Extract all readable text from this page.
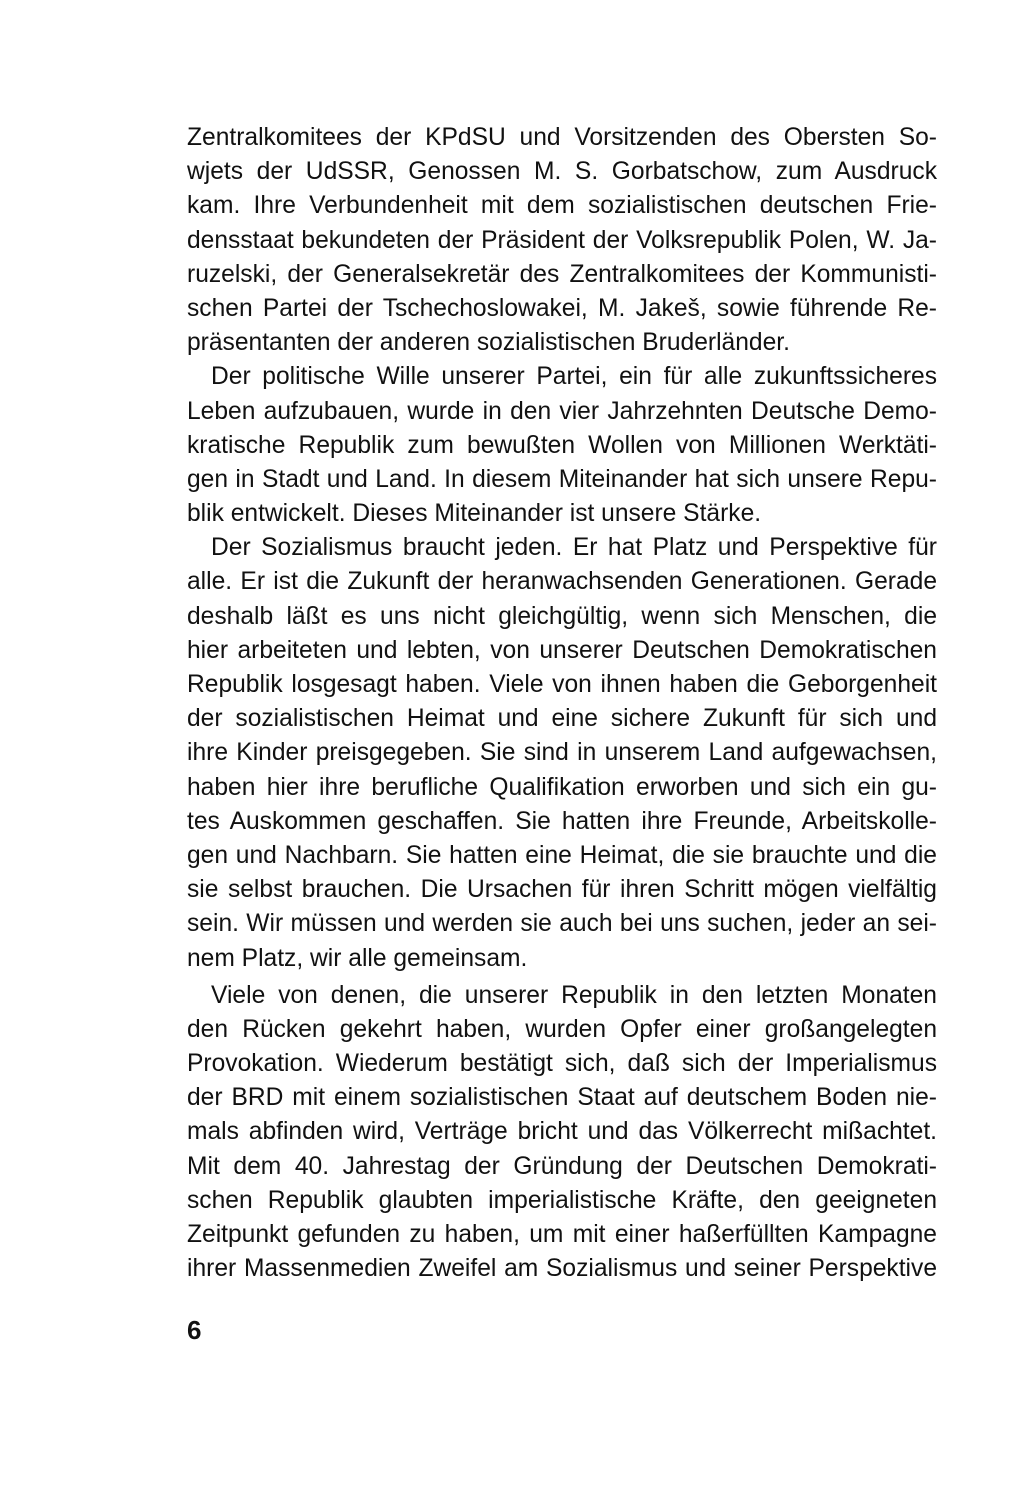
Zentralkomitees der KPdSU und Vorsitzenden des Obersten So-
wjets der UdSSR, Genossen M. S. Gorbatschow, zum Ausdruck
kam. Ihre Verbundenheit mit dem sozialistischen deutschen Frie-
densstaat bekundeten der Präsident der Volksrepublik Polen, W. Ja-
ruzelski, der Generalsekretär des Zentralkomitees der Kommunisti-
schen Partei der Tschechoslowakei, M. Jakeš, sowie führende Re-
präsentanten der anderen sozialistischen Bruderländer.
Der politische Wille unserer Partei, ein für alle zukunftssicheres
Leben aufzubauen, wurde in den vier Jahrzehnten Deutsche Demo-
kratische Republik zum bewußten Wollen von Millionen Werktäti-
gen in Stadt und Land. In diesem Miteinander hat sich unsere Repu-
blik entwickelt. Dieses Miteinander ist unsere Stärke.
Der Sozialismus braucht jeden. Er hat Platz und Perspektive für
alle. Er ist die Zukunft der heranwachsenden Generationen. Gerade
deshalb läßt es uns nicht gleichgültig, wenn sich Menschen, die
hier arbeiteten und lebten, von unserer Deutschen Demokratischen
Republik losgesagt haben. Viele von ihnen haben die Geborgenheit
der sozialistischen Heimat und eine sichere Zukunft für sich und
ihre Kinder preisgegeben. Sie sind in unserem Land aufgewachsen,
haben hier ihre berufliche Qualifikation erworben und sich ein gu-
tes Auskommen geschaffen. Sie hatten ihre Freunde, Arbeitskolle-
gen und Nachbarn. Sie hatten eine Heimat, die sie brauchte und die
sie selbst brauchen. Die Ursachen für ihren Schritt mögen vielfältig
sein. Wir müssen und werden sie auch bei uns suchen, jeder an sei-
nem Platz, wir alle gemeinsam.
Viele von denen, die unserer Republik in den letzten Monaten
den Rücken gekehrt haben, wurden Opfer einer großangelegten
Provokation. Wiederum bestätigt sich, daß sich der Imperialismus
der BRD mit einem sozialistischen Staat auf deutschem Boden nie-
mals abfinden wird, Verträge bricht und das Völkerrecht mißachtet.
Mit dem 40. Jahrestag der Gründung der Deutschen Demokrati-
schen Republik glaubten imperialistische Kräfte, den geeigneten
Zeitpunkt gefunden zu haben, um mit einer haßerfüllten Kampagne
ihrer Massenmedien Zweifel am Sozialismus und seiner Perspektive
6
